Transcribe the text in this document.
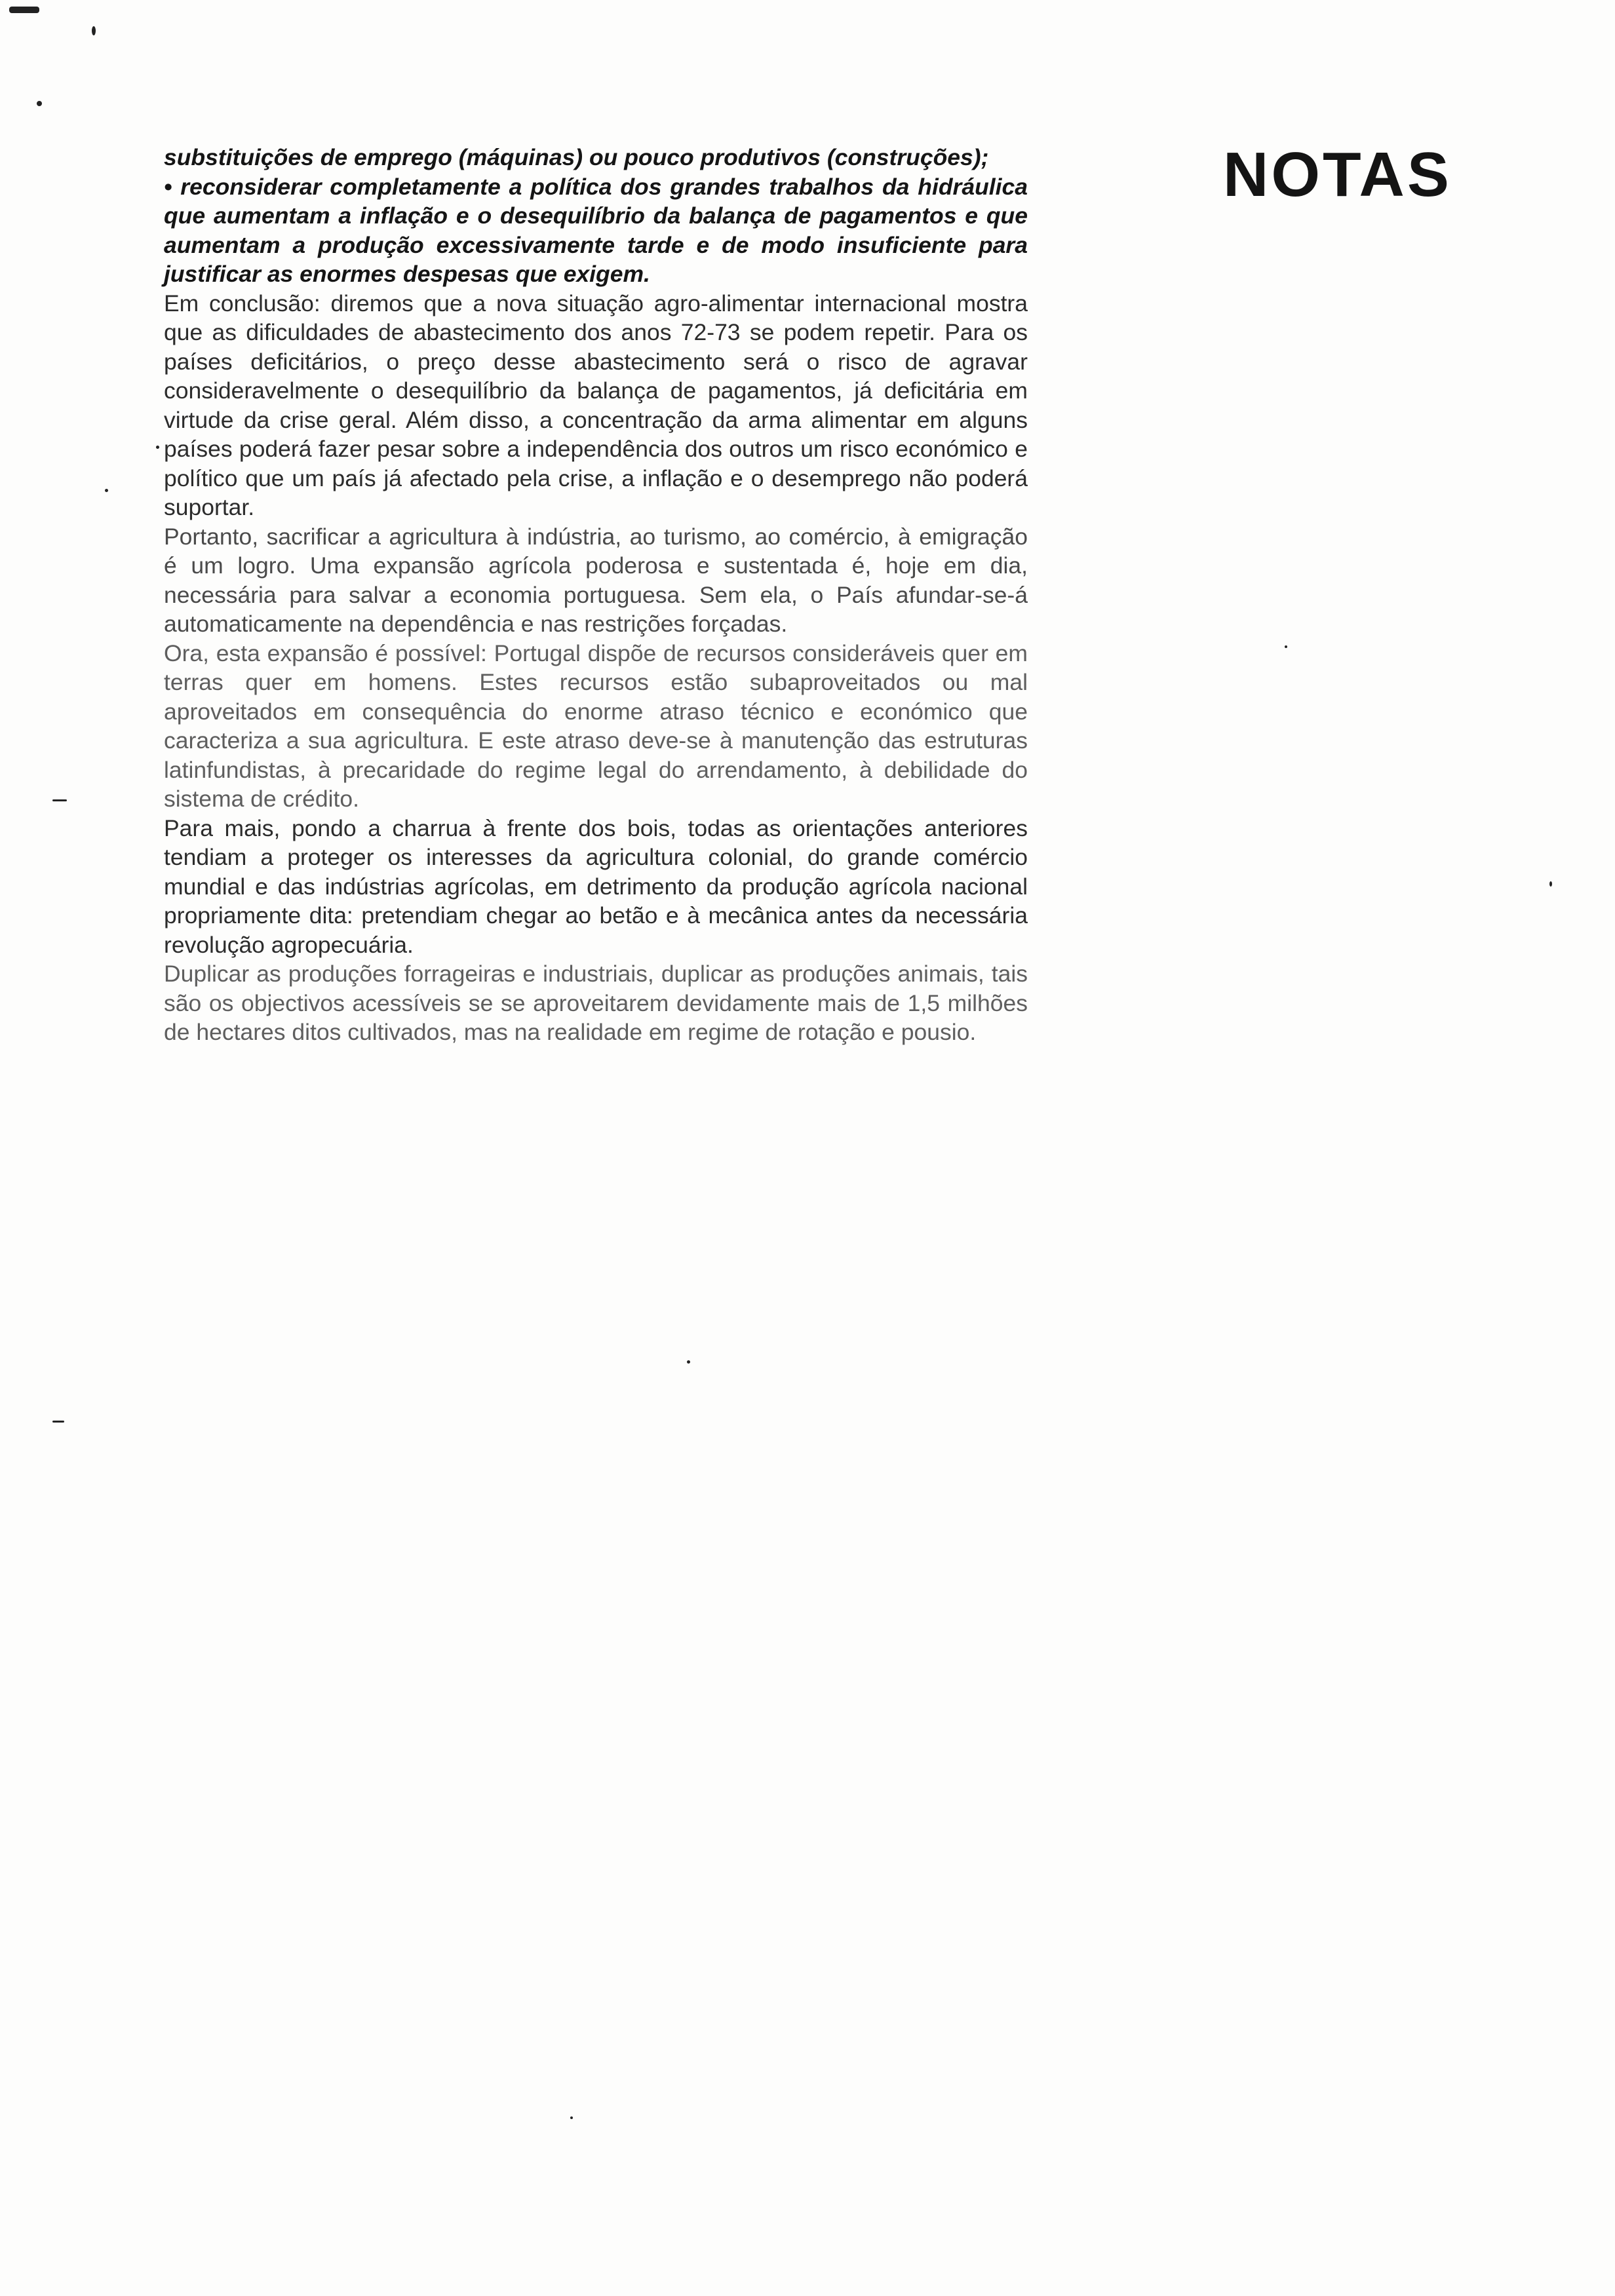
NOTAS

substituições de emprego (máquinas) ou pouco produtivos (construções);

• reconsiderar completamente a política dos grandes trabalhos da hidráulica que aumentam a inflação e o desequilíbrio da balança de pagamentos e que aumentam a produção excessivamente tarde e de modo insuficiente para justificar as enormes despesas que exigem.

Em conclusão: diremos que a nova situação agro-alimentar internacional mostra que as dificuldades de abastecimento dos anos 72-73 se podem repetir. Para os países deficitários, o preço desse abastecimento será o risco de agravar consideravelmente o desequilíbrio da balança de pagamentos, já deficitária em virtude da crise geral. Além disso, a concentração da arma alimentar em alguns países poderá fazer pesar sobre a independência dos outros um risco económico e político que um país já afectado pela crise, a inflação e o desemprego não poderá suportar.

Portanto, sacrificar a agricultura à indústria, ao turismo, ao comércio, à emigração é um logro. Uma expansão agrícola poderosa e sustentada é, hoje em dia, necessária para salvar a economia portuguesa. Sem ela, o País afundar-se-á automaticamente na dependência e nas restrições forçadas.

Ora, esta expansão é possível: Portugal dispõe de recursos consideráveis quer em terras quer em homens. Estes recursos estão subaproveitados ou mal aproveitados em consequência do enorme atraso técnico e económico que caracteriza a sua agricultura. E este atraso deve-se à manutenção das estruturas latinfundistas, à precaridade do regime legal do arrendamento, à debilidade do sistema de crédito.

Para mais, pondo a charrua à frente dos bois, todas as orientações anteriores tendiam a proteger os interesses da agricultura colonial, do grande comércio mundial e das indústrias agrícolas, em detrimento da produção agrícola nacional propriamente dita: pretendiam chegar ao betão e à mecânica antes da necessária revolução agropecuária.

Duplicar as produções forrageiras e industriais, duplicar as produções animais, tais são os objectivos acessíveis se se aproveitarem devidamente mais de 1,5 milhões de hectares ditos cultivados, mas na realidade em regime de rotação e pousio.
